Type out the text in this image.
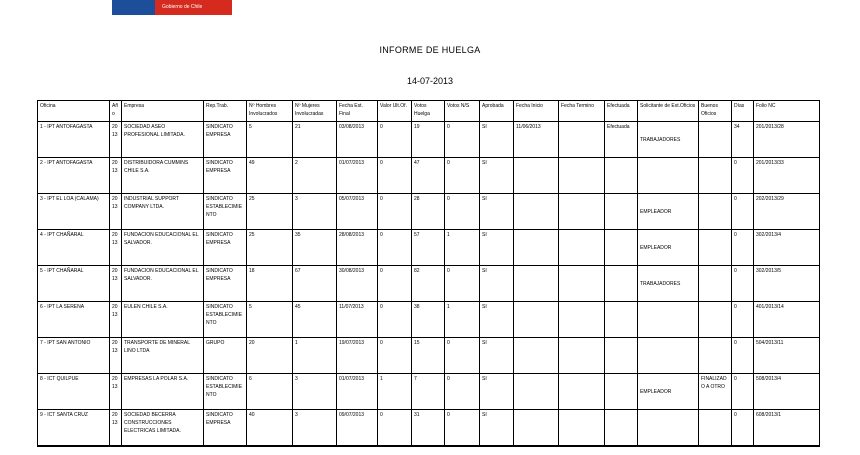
Gobierno de Chile
INFORME DE HUELGA
14-07-2013
Oficina	Año	Empresa	Rep.Trab.	Nº Hombres Involucrados	Nº Mujeres Involucradas	Fecha Est. Final	Valor Ult.Of.	Votos Huelga	Votos N/S	Aprobada	Fecha Inicio	Fecha Termino	Efectuada	Solicitante de Ext.Oficios	Buenos Oficios	Días	Folio NC
1 - IPT ANTOFAGASTA	2013	SOCIEDAD ASEO PROFESIONAL LIMITADA.	SINDICATO EMPRESA	5	21	03/08/2013	0	19	0	SI	11/06/2013		Efectuada	TRABAJADORES		34	201/2013/28
2 - IPT ANTOFAGASTA	2013	DISTRIBUIDORA CUMMINS CHILE S.A.	SINDICATO EMPRESA	49	2	01/07/2013	0	47	0	SI						0	201/2013/33
3 - IPT EL LOA (CALAMA)	2013	INDUSTRIAL SUPPORT COMPANY LTDA.	SINDICATO ESTABLECIMIENTO	25	3	05/07/2013	0	28	0	SI				EMPLEADOR		0	202/2013/29
4 - IPT CHAÑARAL	2013	FUNDACION EDUCACIONAL EL SALVADOR.	SINDICATO EMPRESA	25	35	28/08/2013	0	57	1	SI				EMPLEADOR		0	302/2013/4
5 - IPT CHAÑARAL	2013	FUNDACION EDUCACIONAL EL SALVADOR.	SINDICATO EMPRESA	18	67	30/08/2013	0	82	0	SI				TRABAJADORES		0	302/2013/5
6 - IPT LA SERENA	2013	EULEN CHILE S.A.	SINDICATO ESTABLECIMIENTO	5	45	11/07/2013	0	38	1	SI						0	401/2013/14
7 - IPT SAN ANTONIO	2013	TRANSPORTE DE MINERAL LINO LTDA	GRUPO	20	1	19/07/2013	0	15	0	SI						0	504/2013/11
8 - ICT QUILPUE	2013	EMPRESAS LA POLAR S.A.	SINDICATO ESTABLECIMIENTO	6	3	01/07/2013	1	7	0	SI				EMPLEADOR	FINALIZADO A OTRO	0	508/2013/4
9 - ICT SANTA CRUZ	2013	SOCIEDAD BECERRA CONSTRUCCIONES ELECTRICAS LIMITADA.	SINDICATO EMPRESA	40	3	09/07/2013	0	31	0	SI						0	608/2013/1
